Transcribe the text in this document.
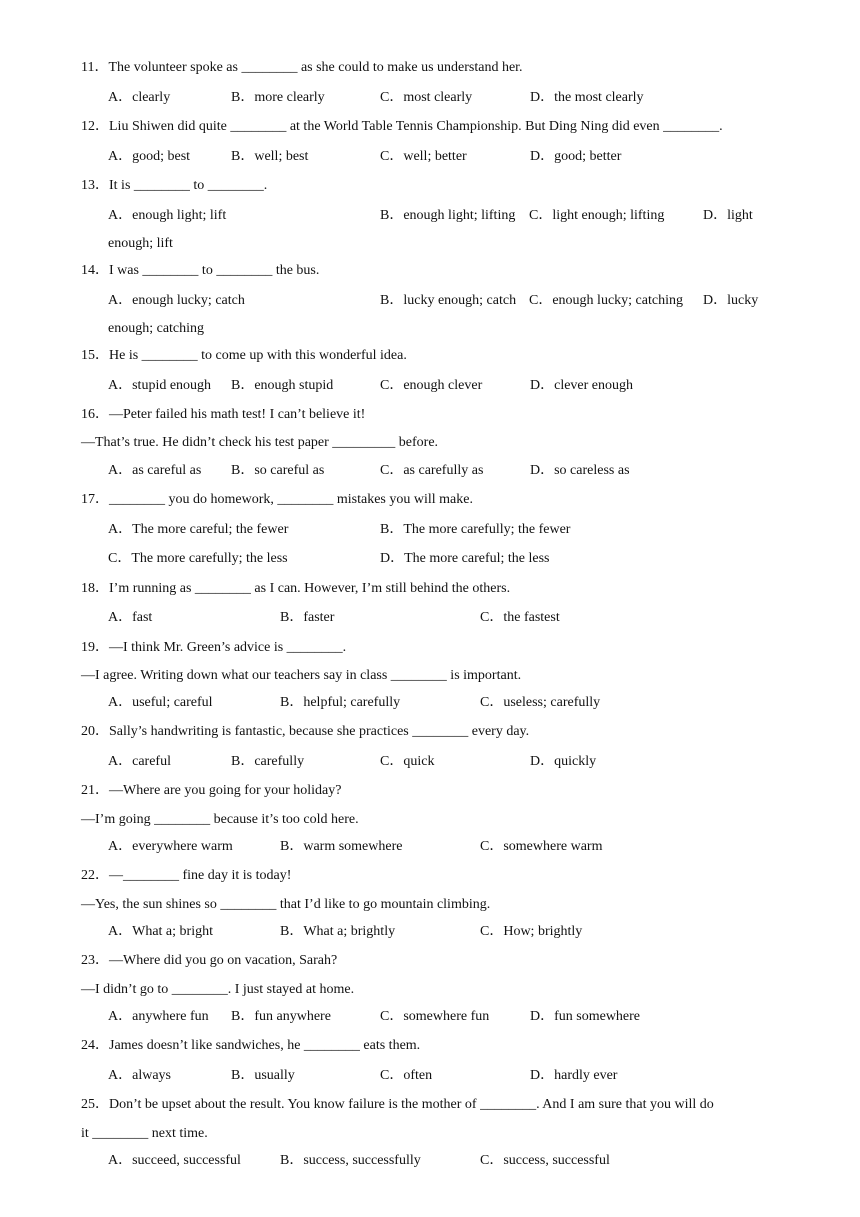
11．The volunteer spoke as ________ as she could to make us understand her.
A．clearly	B．more clearly	C．most clearly	D．the most clearly
12．Liu Shiwen did quite ________ at the World Table Tennis Championship. But Ding Ning did even ________.
A．good; best	B．well; best	C．well; better	D．good; better
13．It is ________ to ________.
A．enough light; lift	B．enough light; lifting C．light enough; lifting	D．light
enough; lift
14．I was ________ to ________ the bus.
A．enough lucky; catch	B．lucky enough; catch C．enough lucky; catching D．lucky
enough; catching
15．He is ________ to come up with this wonderful idea.
A．stupid enough B．enough stupid	C．enough clever	D．clever enough
16．—Peter failed his math test! I can’t believe it!
—That’s true. He didn’t check his test paper _________ before.
A．as careful as B．so careful as	C．as carefully as	D．so careless as
17．________ you do homework, ________ mistakes you will make.
A．The more careful; the fewer	B．The more carefully; the fewer
C．The more carefully; the less	D．The more careful; the less
18．I’m running as ________ as I can. However, I’m still behind the others.
A．fast	B．faster	C．the fastest
19．—I think Mr. Green’s advice is ________.
—I agree. Writing down what our teachers say in class ________ is important.
A．useful; careful	B．helpful; carefully	C．useless; carefully
20．Sally’s handwriting is fantastic, because she practices ________ every day.
A．careful	B．carefully	C．quick	D．quickly
21．—Where are you going for your holiday?
—I’m going ________ because it’s too cold here.
A．everywhere warm	B．warm somewhere	C．somewhere warm
22．—________ fine day it is today!
—Yes, the sun shines so ________ that I’d like to go mountain climbing.
A．What a; bright	B．What a; brightly	C．How; brightly
23．—Where did you go on vacation, Sarah?
—I didn’t go to ________. I just stayed at home.
A．anywhere fun B．fun anywhere	C．somewhere fun	D．fun somewhere
24．James doesn’t like sandwiches, he ________ eats them.
A．always	B．usually	C．often	D．hardly ever
25．Don’t be upset about the result. You know failure is the mother of ________. And I am sure that you will do
it ________ next time.
A．succeed, successful	B．success, successfully	C．success, successful
